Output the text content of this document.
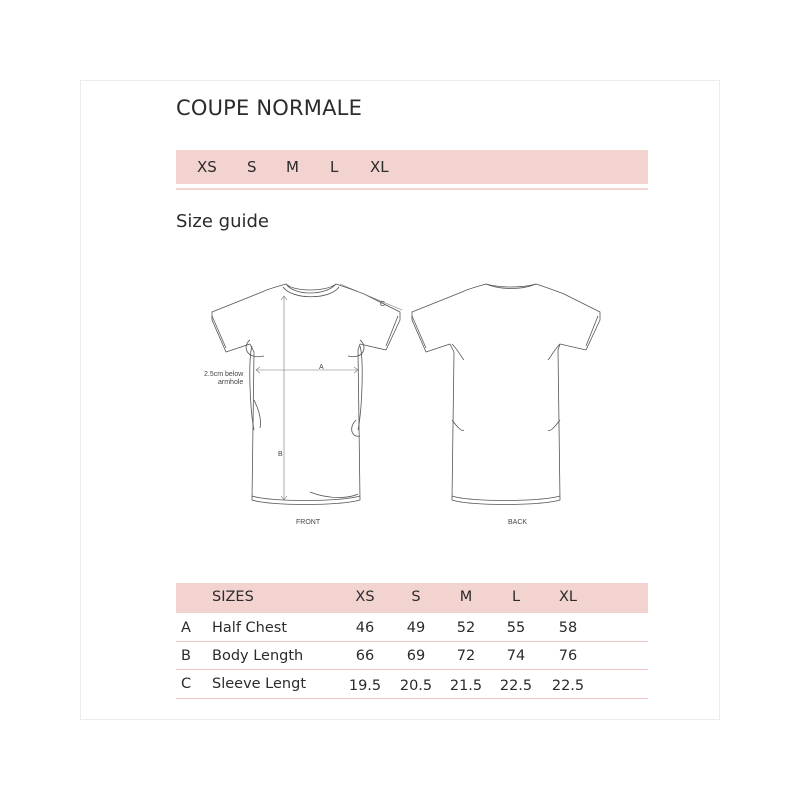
COUPE NORMALE
XS S M L XL
Size guide
C
A
B
2.5cm below
armhole
FRONT	BACK
SIZES	XS	S	M	L	XL
A Half Chest	46	49	52	55	58
B Body Length	66	69	72	74	76
C Sleeve Lengt	19.5	20.5	21.5	22.5	22.5
